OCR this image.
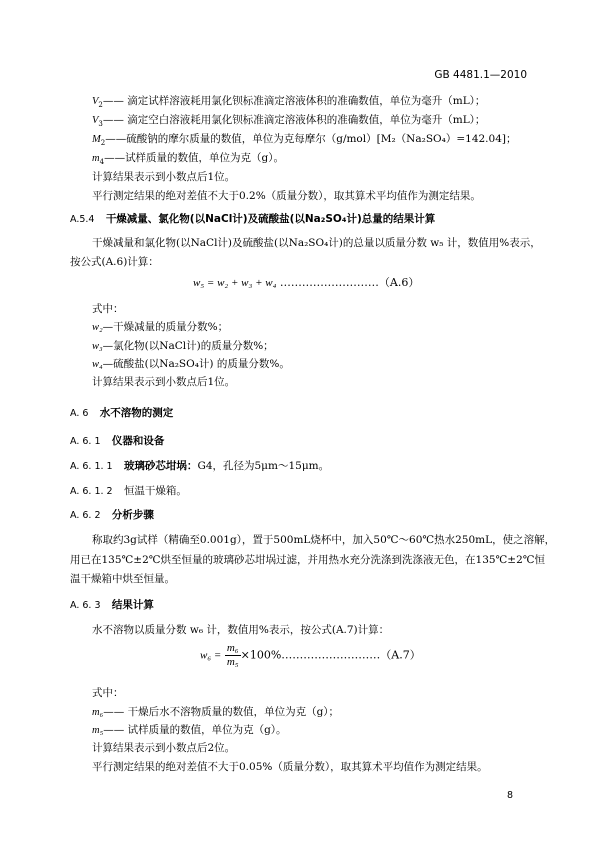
GB 4481.1—2010
$V_2——$ 滴定试样溶液耗用氯化钡标准滴定溶液体积的准确数值，单位为毫升（mL）；
$V_3——$ 滴定空白溶液耗用氯化钡标准滴定溶液体积的准确数值，单位为毫升（mL）；
$M_2——$硫酸钠的摩尔质量的数值，单位为克每摩尔（g/mol）[M₂（Na₂SO₄）=142.04]；
$m_4——$试样质量的数值，单位为克（g）。
计算结果表示到小数点后1位。
平行测定结果的绝对差值不大于0.2%（质量分数），取其算术平均值作为测定结果。
A.5.4 干燥减量、氯化物(以NaCl计)及硫酸盐(以Na₂SO₄计)总量的结果计算
干燥减量和氯化物(以NaCl计)及硫酸盐(以Na₂SO₄计)的总量以质量分数 w₅ 计，数值用%表示，
按公式(A.6)计算：
w₅ = w₂ + w₃ + w₄ ………………………（A.6）
式中：
w₂—干燥减量的质量分数%；
w₃—氯化物(以NaCl计)的质量分数%；
w₄—硫酸盐(以Na₂SO₄计) 的质量分数%。
计算结果表示到小数点后1位。
A. 6 水不溶物的测定
A. 6. 1 仪器和设备
A. 6. 1. 1 玻璃砂芯坩埚：G4，孔径为5μm～15μm。
A. 6. 1. 2 恒温干燥箱。
A. 6. 2 分析步骤
称取约3g试样（精确至0.001g），置于500mL烧杯中，加入50℃～60℃热水250mL，使之溶解，
用已在135℃±2℃烘至恒量的玻璃砂芯坩埚过滤，并用热水充分洗涤到洗涤液无色，在135℃±2℃恒
温干燥箱中烘至恒量。
A. 6. 3 结果计算
水不溶物以质量分数 w₆ 计，数值用%表示，按公式(A.7)计算：
$w_6 = \frac{\text{m₆}}{\text{m₅}}$ ×100%………………………（A.7）
式中：
m₆—— 干燥后水不溶物质量的数值，单位为克（g）；
m₅—— 试样质量的数值，单位为克（g）。
计算结果表示到小数点后2位。
平行测定结果的绝对差值不大于0.05%（质量分数），取其算术平均值作为测定结果。
8
